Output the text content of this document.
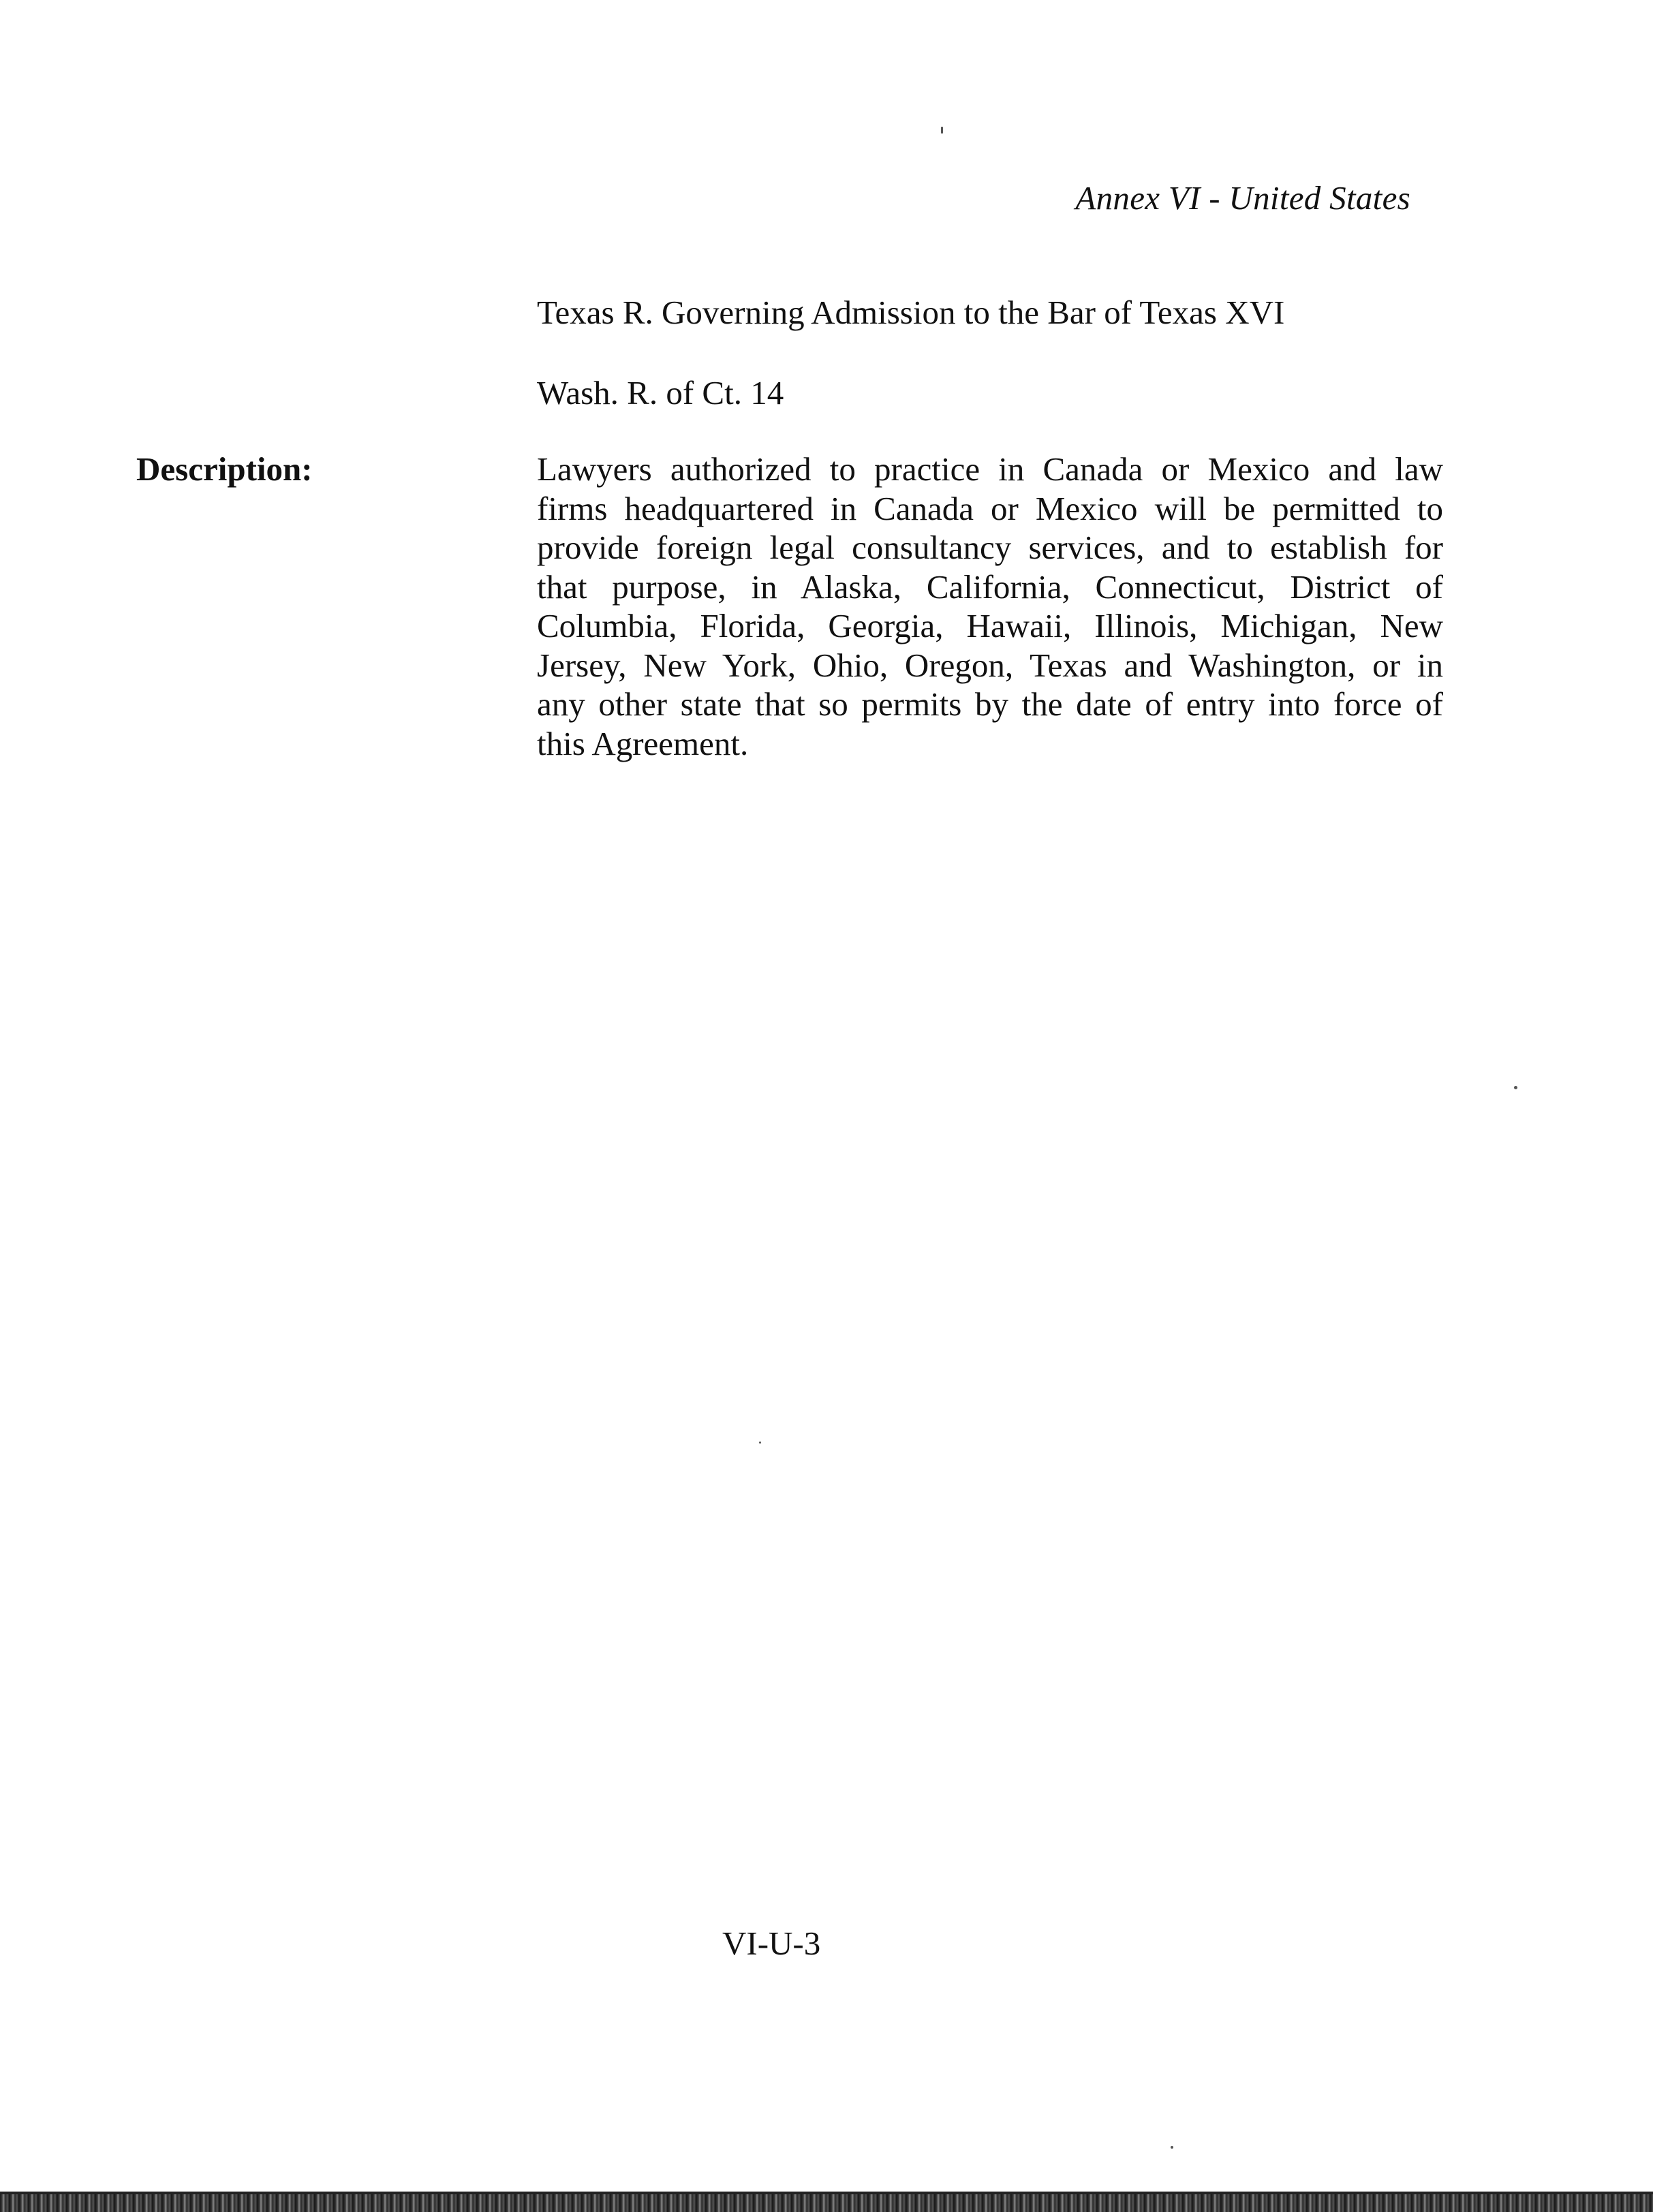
Annex VI - United States
Texas R. Governing Admission to the Bar of Texas XVI
Wash. R. of Ct. 14
Description:	Lawyers authorized to practice in Canada or Mexico and law
firms headquartered in Canada or Mexico will be permitted to
provide foreign legal consultancy services, and to establish for
that purpose, in Alaska, California, Connecticut, District of
Columbia, Florida, Georgia, Hawaii, Illinois, Michigan, New
Jersey, New York, Ohio, Oregon, Texas and Washington, or in
any other state that so permits by the date of entry into force of
this Agreement.

VI-U-3
